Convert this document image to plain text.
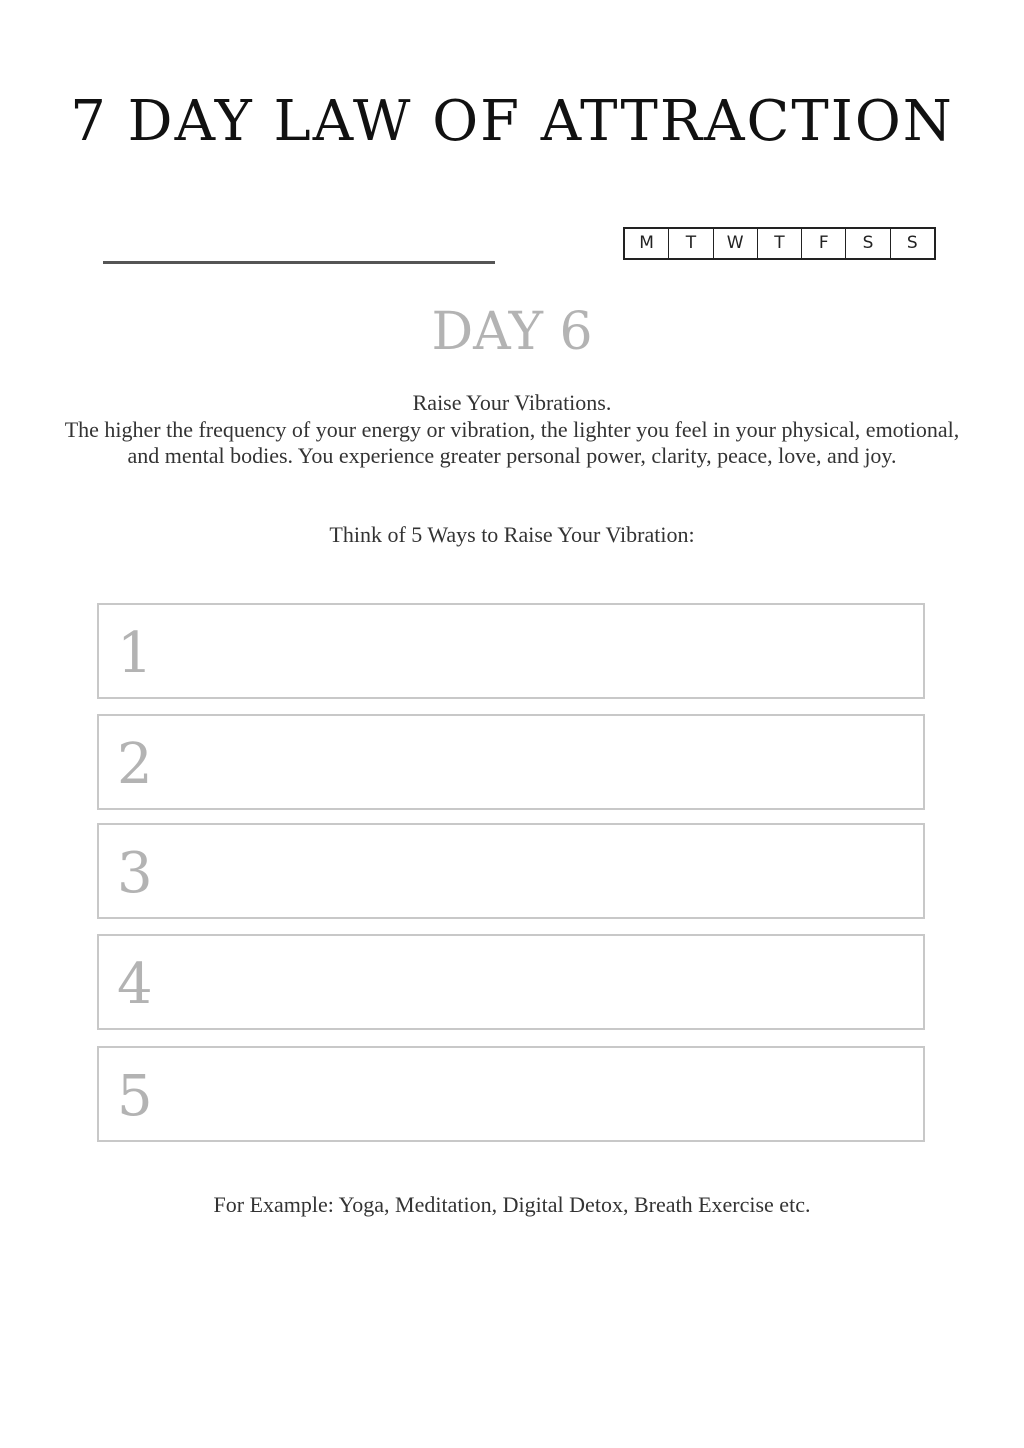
7 DAY LAW OF ATTRACTION
M	T	W	T	F	S	S
DAY 6

Raise Your Vibrations.

The higher the frequency of your energy or vibration, the lighter you feel in your physical, emotional, and mental bodies. You experience greater personal power, clarity, peace, love, and joy.

Think of 5 Ways to Raise Your Vibration:
1
2
3
4
5
For Example: Yoga, Meditation, Digital Detox, Breath Exercise etc.
